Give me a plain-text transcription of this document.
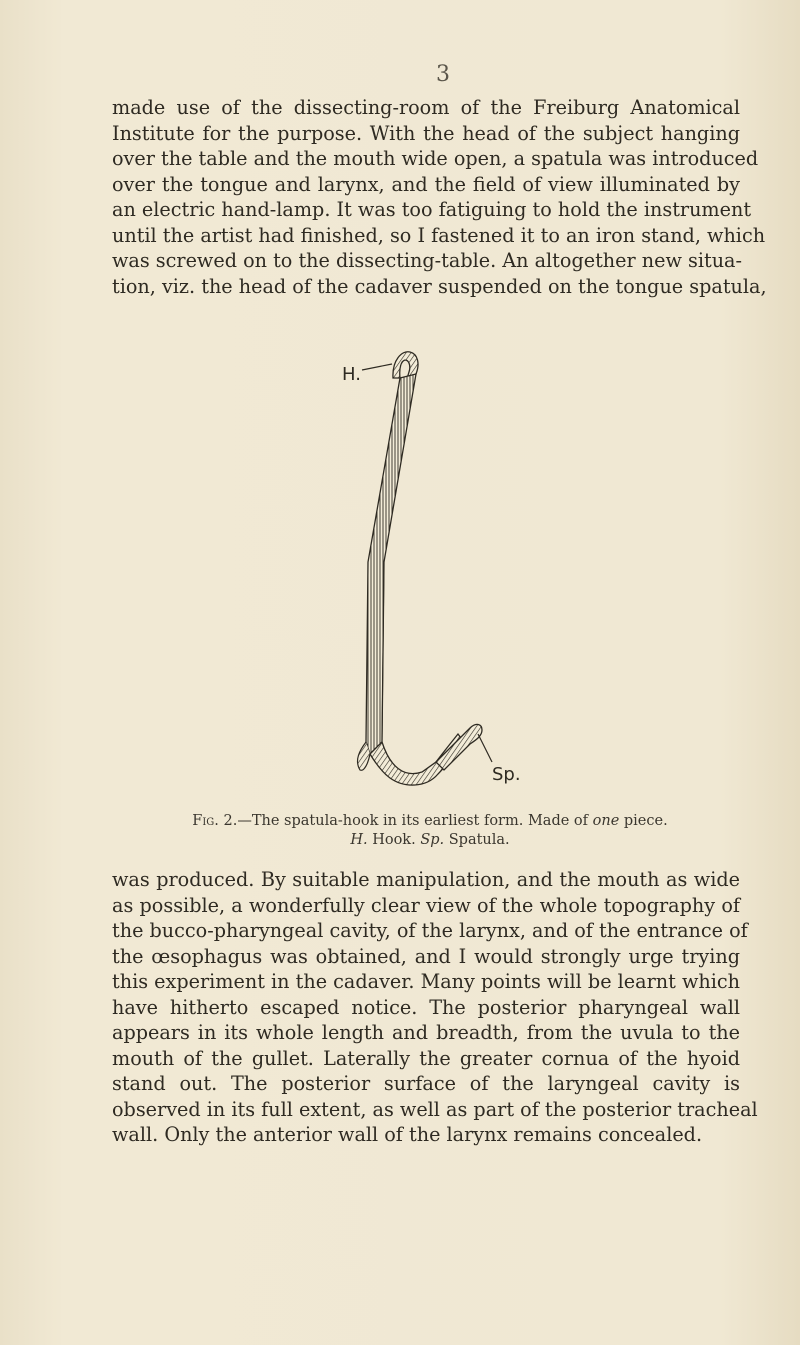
3
made use of the dissecting-room of the Freiburg Anatomical
Institute for the purpose. With the head of the subject hanging
over the table and the mouth wide open, a spatula was introduced
over the tongue and larynx, and the field of view illuminated by
an electric hand-lamp. It was too fatiguing to hold the instrument
until the artist had finished, so I fastened it to an iron stand, which
was screwed on to the dissecting-table. An altogether new situa-
tion, viz. the head of the cadaver suspended on the tongue spatula,
H.
Sp.
Fig. 2.—The spatula-hook in its earliest form. Made of one piece.
H. Hook. Sp. Spatula.
was produced. By suitable manipulation, and the mouth as wide
as possible, a wonderfully clear view of the whole topography of
the bucco-pharyngeal cavity, of the larynx, and of the entrance of
the œsophagus was obtained, and I would strongly urge trying
this experiment in the cadaver. Many points will be learnt which
have hitherto escaped notice. The posterior pharyngeal wall
appears in its whole length and breadth, from the uvula to the
mouth of the gullet. Laterally the greater cornua of the hyoid
stand out. The posterior surface of the laryngeal cavity is
observed in its full extent, as well as part of the posterior tracheal
wall. Only the anterior wall of the larynx remains concealed.
